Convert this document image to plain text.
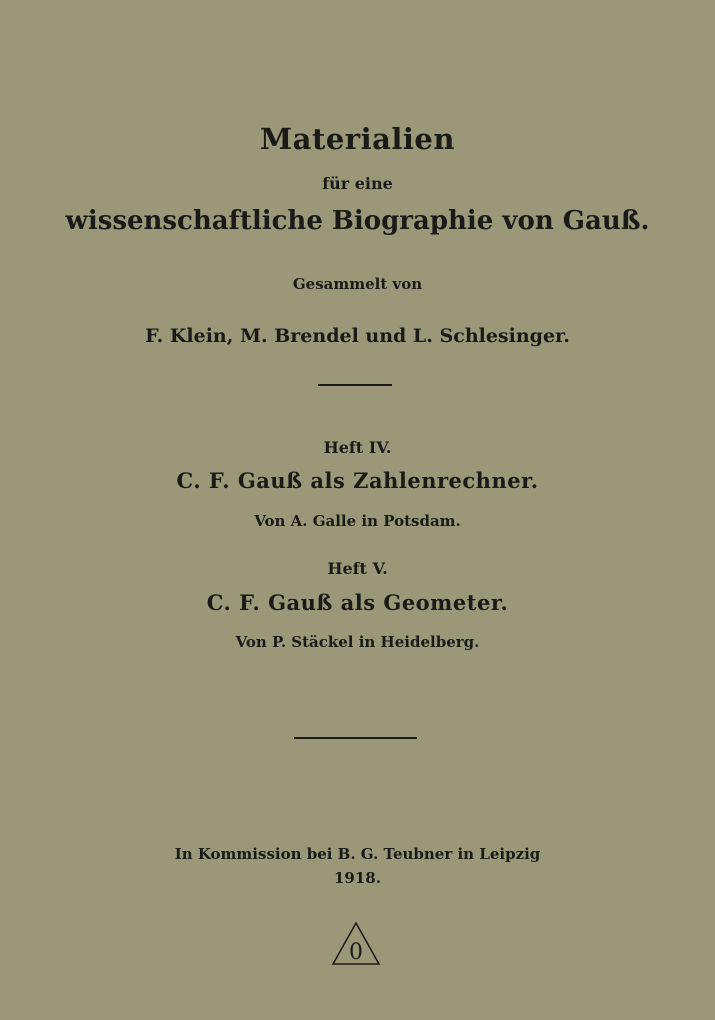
Materialien
für eine
wissenschaftliche Biographie von Gauß.
Gesammelt von
F. Klein, M. Brendel und L. Schlesinger.
Heft IV.
C. F. Gauß als Zahlenrechner.
Von A. Galle in Potsdam.
Heft V.
C. F. Gauß als Geometer.
Von P. Stäckel in Heidelberg.
In Kommission bei B. G. Teubner in Leipzig
1918.
0
